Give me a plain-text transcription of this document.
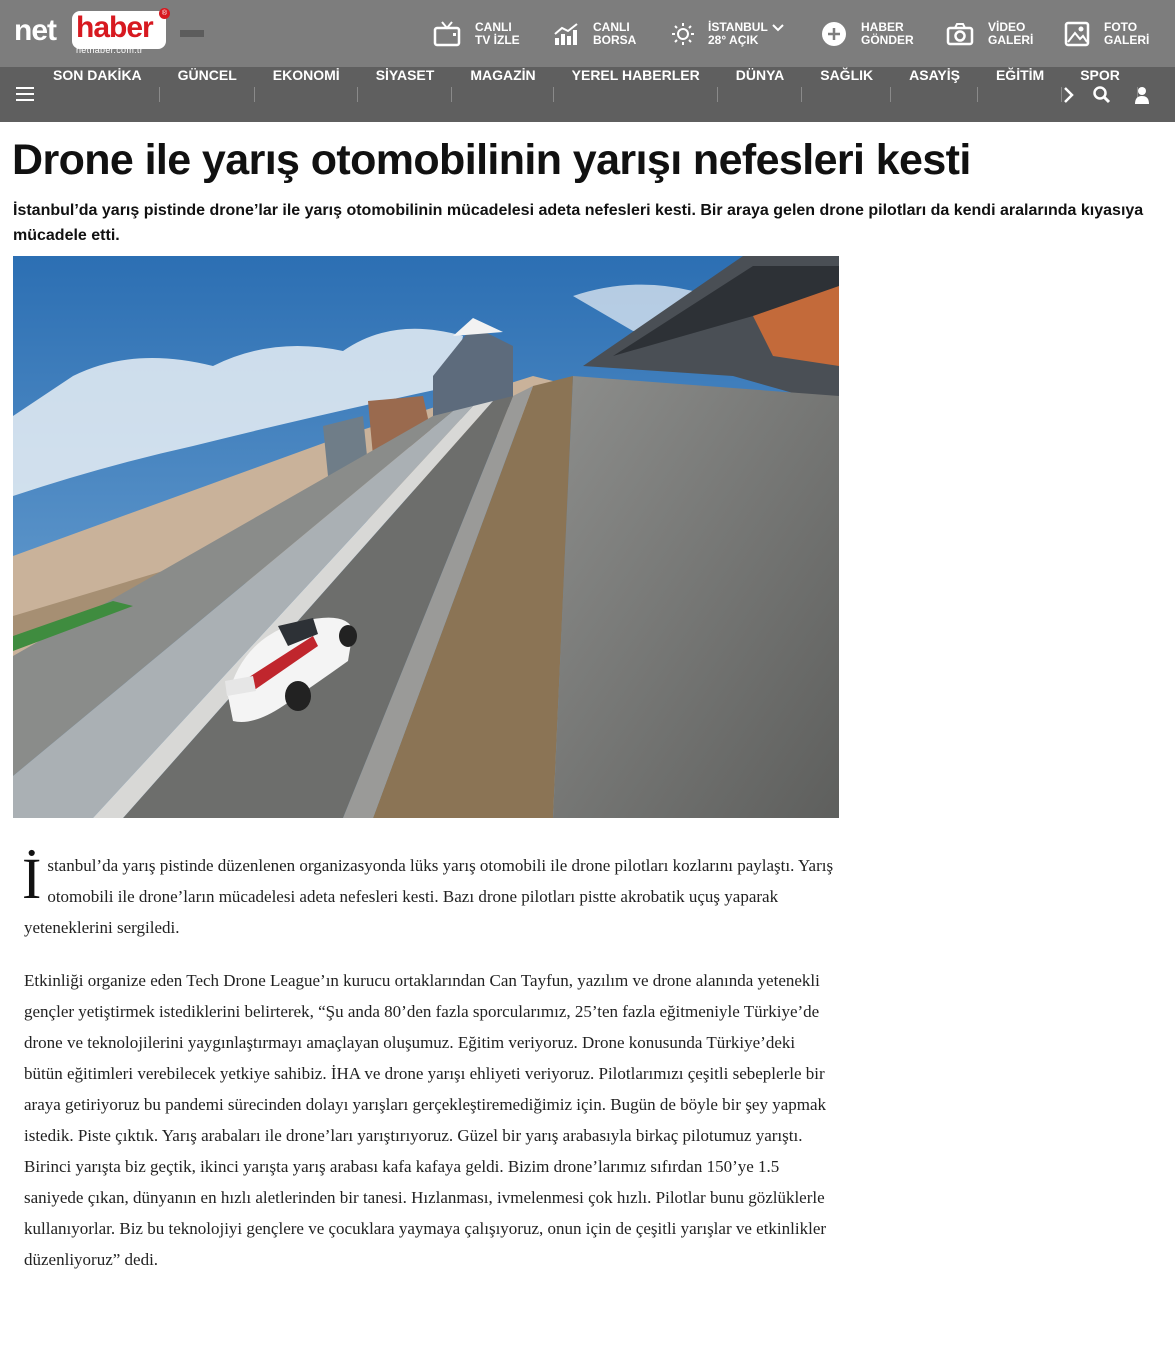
net haber	®
nethaber.com.tr
CANLI
TV İZLE
CANLI
BORSA
İSTANBUL
28° AÇIK
HABER
GÖNDER
VİDEO
GALERİ
FOTO
GALERİ
SON DAKİKA	GÜNCEL	EKONOMİ	SİYASET	MAGAZİN	YEREL HABERLER	DÜNYA	SAĞLIK	ASAYİŞ	EĞİTİM	SPOR
Drone ile yarış otomobilinin yarışı nefesleri kesti

İstanbul’da yarış pistinde drone’lar ile yarış otomobilinin mücadelesi adeta nefesleri kesti. Bir araya gelen drone pilotları da kendi aralarında kıyasıya mücadele etti.

İstanbul’da yarış pistinde düzenlenen organizasyonda lüks yarış otomobili ile drone pilotları kozlarını paylaştı. Yarış otomobili ile drone’ların mücadelesi adeta nefesleri kesti. Bazı drone pilotları pistte akrobatik uçuş yaparak yeteneklerini sergiledi.

Etkinliği organize eden Tech Drone League’ın kurucu ortaklarından Can Tayfun, yazılım ve drone alanında yetenekli gençler yetiştirmek istediklerini belirterek, “Şu anda 80’den fazla sporcularımız, 25’ten fazla eğitmeniyle Türkiye’de drone ve teknolojilerini yaygınlaştırmayı amaçlayan oluşumuz. Eğitim veriyoruz. Drone konusunda Türkiye’deki bütün eğitimleri verebilecek yetkiye sahibiz. İHA ve drone yarışı ehliyeti veriyoruz. Pilotlarımızı çeşitli sebeplerle bir araya getiriyoruz bu pandemi sürecinden dolayı yarışları gerçekleştiremediğimiz için. Bugün de böyle bir şey yapmak istedik. Piste çıktık. Yarış arabaları ile drone’ları yarıştırıyoruz. Güzel bir yarış arabasıyla birkaç pilotumuz yarıştı. Birinci yarışta biz geçtik, ikinci yarışta yarış arabası kafa kafaya geldi. Bizim drone’larımız sıfırdan 150’ye 1.5 saniyede çıkan, dünyanın en hızlı aletlerinden bir tanesi. Hızlanması, ivmelenmesi çok hızlı. Pilotlar bunu gözlüklerle kullanıyorlar. Biz bu teknolojiyi gençlere ve çocuklara yaymaya çalışıyoruz, onun için de çeşitli yarışlar ve etkinlikler düzenliyoruz” dedi.
